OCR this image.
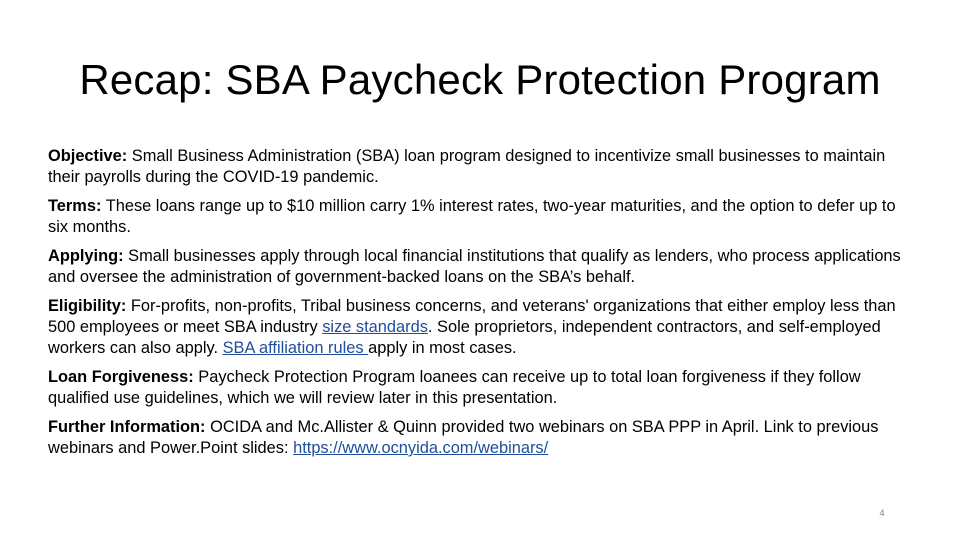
Recap: SBA Paycheck Protection Program

Objective: Small Business Administration (SBA) loan program designed to incentivize small businesses to maintain their payrolls during the COVID-19 pandemic.

Terms: These loans range up to $10 million carry 1% interest rates, two-year maturities, and the option to defer up to six months.

Applying: Small businesses apply through local financial institutions that qualify as lenders, who process applications and oversee the administration of government-backed loans on the SBA’s behalf.

Eligibility: For-profits, non-profits, Tribal business concerns, and veterans' organizations that either employ less than 500 employees or meet SBA industry size standards. Sole proprietors, independent contractors, and self-employed workers can also apply. SBA affiliation rules apply in most cases.

Loan Forgiveness: Paycheck Protection Program loanees can receive up to total loan forgiveness if they follow qualified use guidelines, which we will review later in this presentation.

Further Information: OCIDA and Mc.Allister & Quinn provided two webinars on SBA PPP in April. Link to previous webinars and Power.Point slides: https://www.ocnyida.com/webinars/

4
